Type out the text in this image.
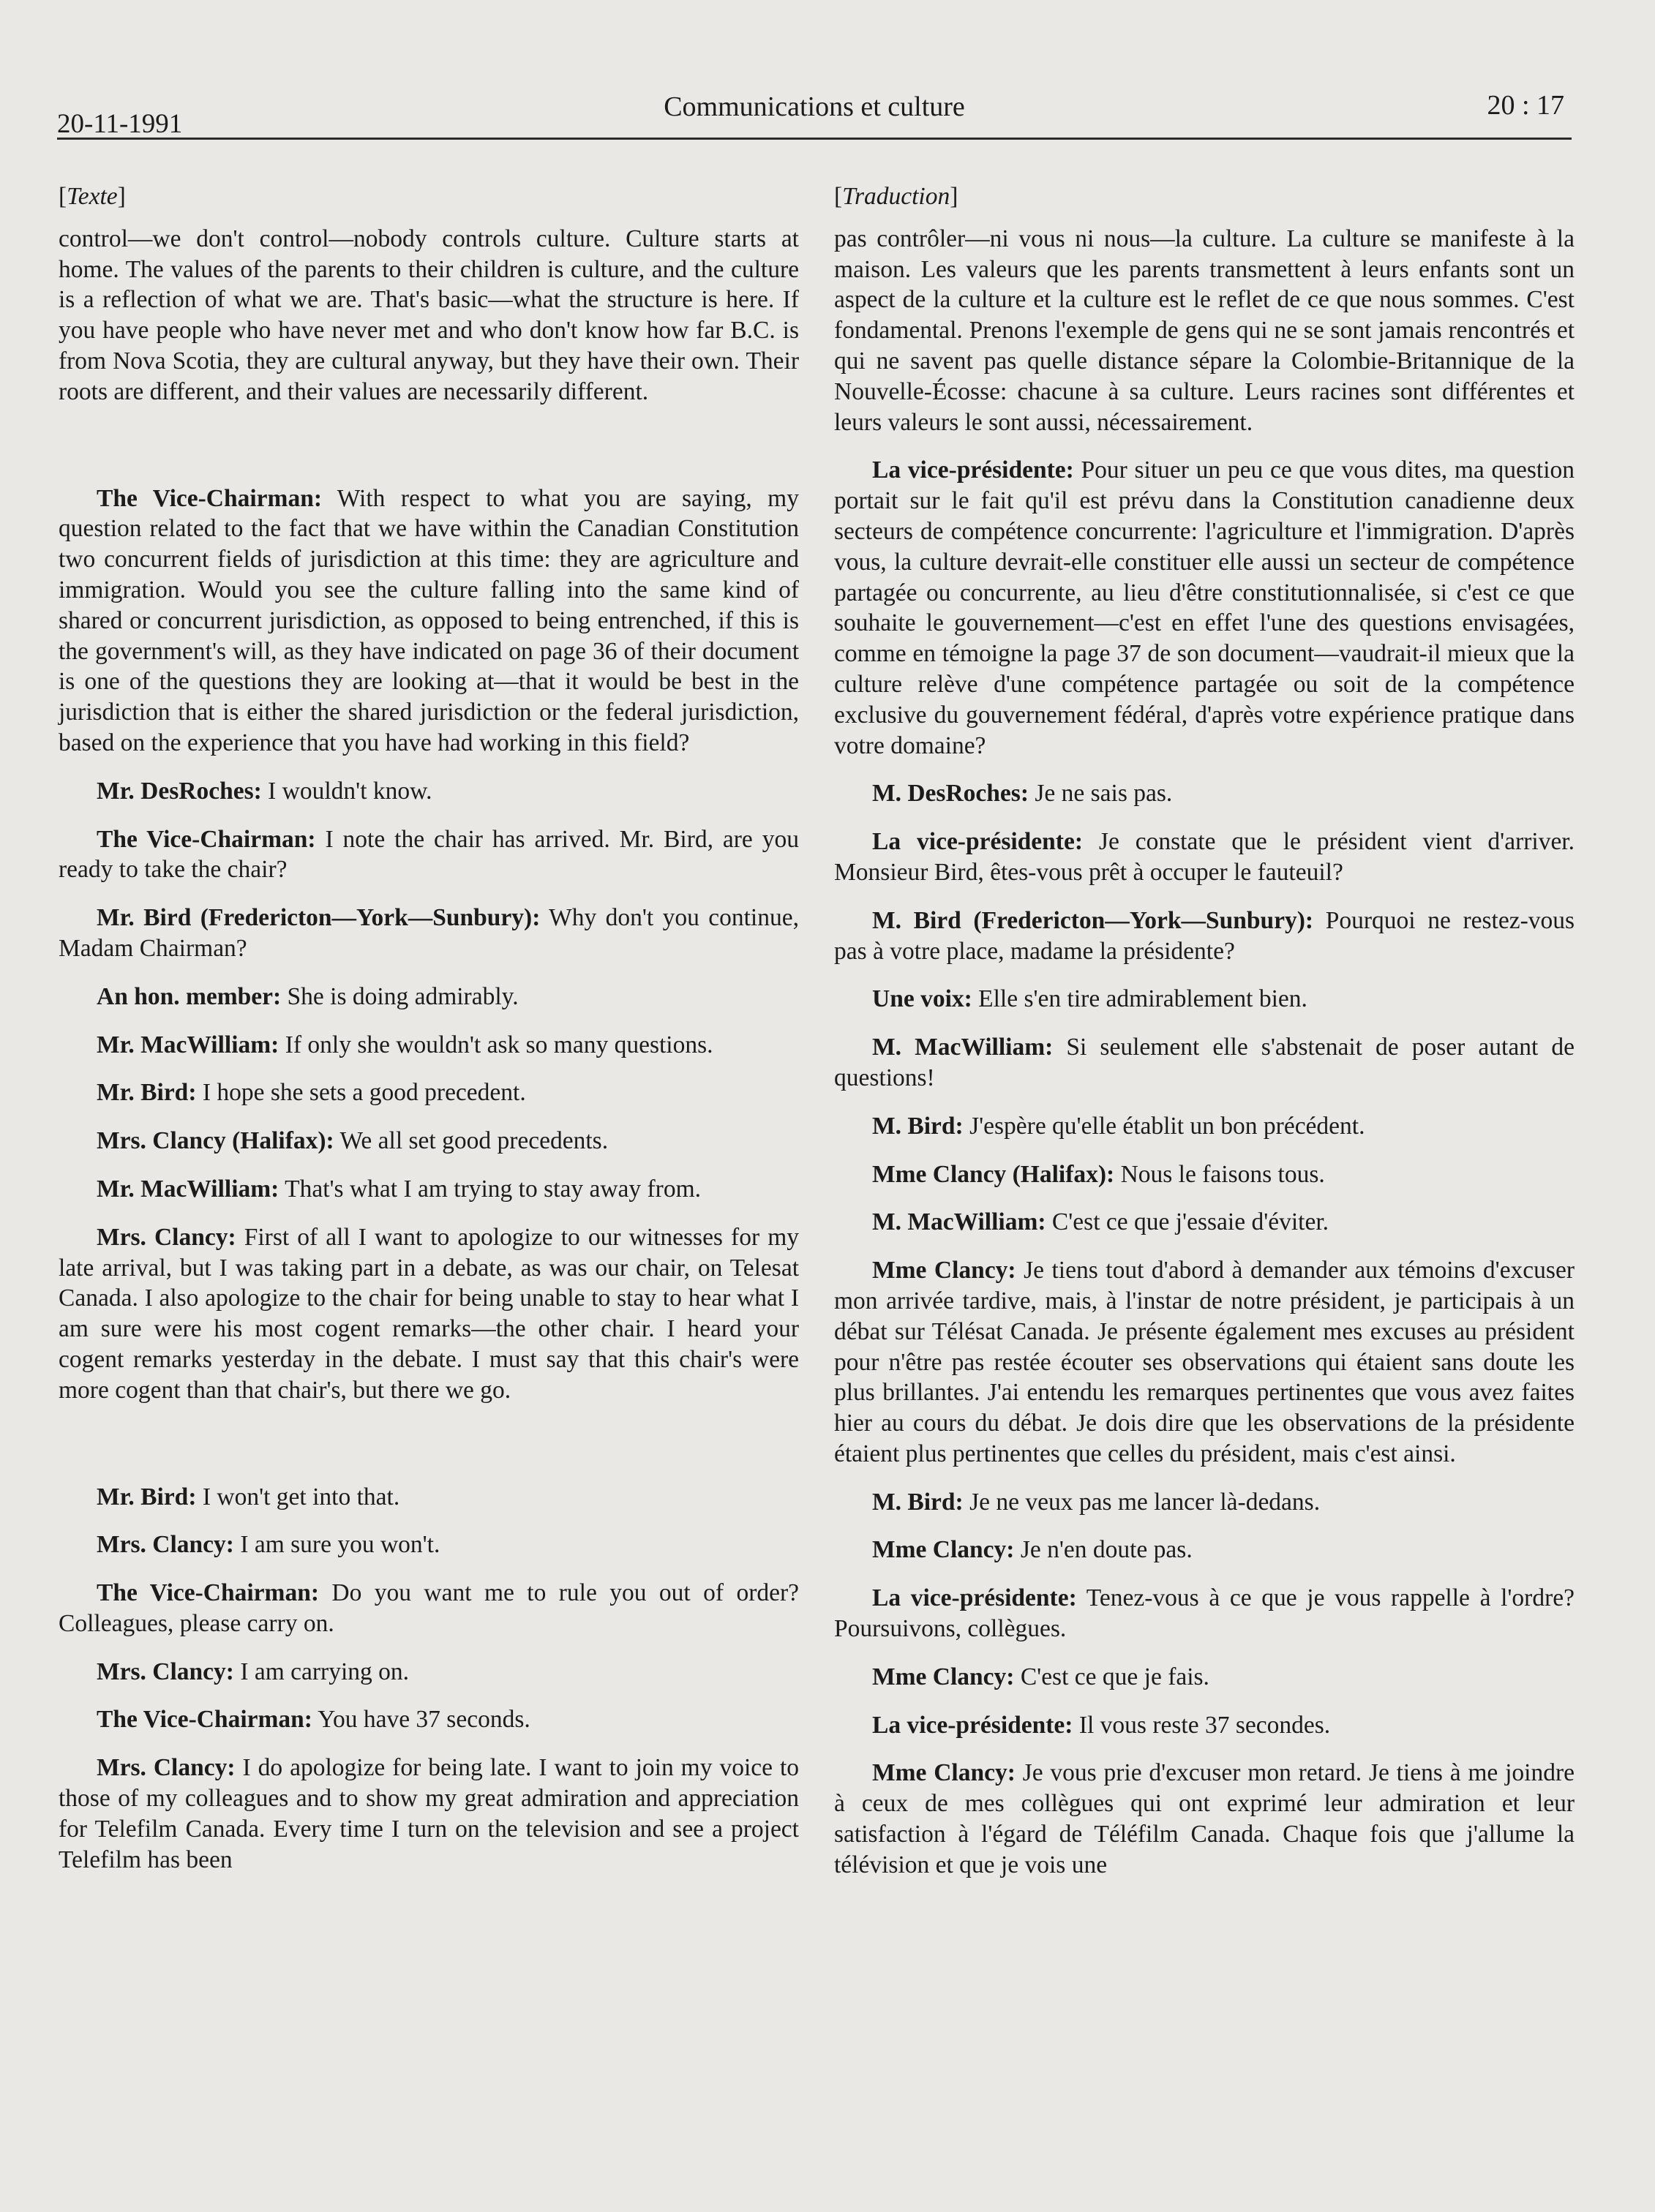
20-11-1991
Communications et culture	20 : 17
[Texte]

control—we don't control—nobody controls culture. Culture starts at home. The values of the parents to their children is culture, and the culture is a reflection of what we are. That's basic—what the structure is here. If you have people who have never met and who don't know how far B.C. is from Nova Scotia, they are cultural anyway, but they have their own. Their roots are different, and their values are necessarily different.

The Vice-Chairman: With respect to what you are saying, my question related to the fact that we have within the Canadian Constitution two concurrent fields of jurisdiction at this time: they are agriculture and immigration. Would you see the culture falling into the same kind of shared or concurrent jurisdiction, as opposed to being entrenched, if this is the government's will, as they have indicated on page 36 of their document is one of the questions they are looking at—that it would be best in the jurisdiction that is either the shared jurisdiction or the federal jurisdiction, based on the experience that you have had working in this field?

Mr. DesRoches: I wouldn't know.

The Vice-Chairman: I note the chair has arrived. Mr. Bird, are you ready to take the chair?

Mr. Bird (Fredericton—York—Sunbury): Why don't you continue, Madam Chairman?

An hon. member: She is doing admirably.

Mr. MacWilliam: If only she wouldn't ask so many questions.

Mr. Bird: I hope she sets a good precedent.

Mrs. Clancy (Halifax): We all set good precedents.

Mr. MacWilliam: That's what I am trying to stay away from.

Mrs. Clancy: First of all I want to apologize to our witnesses for my late arrival, but I was taking part in a debate, as was our chair, on Telesat Canada. I also apologize to the chair for being unable to stay to hear what I am sure were his most cogent remarks—the other chair. I heard your cogent remarks yesterday in the debate. I must say that this chair's were more cogent than that chair's, but there we go.

Mr. Bird: I won't get into that.

Mrs. Clancy: I am sure you won't.

The Vice-Chairman: Do you want me to rule you out of order? Colleagues, please carry on.

Mrs. Clancy: I am carrying on.

The Vice-Chairman: You have 37 seconds.

Mrs. Clancy: I do apologize for being late. I want to join my voice to those of my colleagues and to show my great admiration and appreciation for Telefilm Canada. Every time I turn on the television and see a project Telefilm has been

[Traduction]

pas contrôler—ni vous ni nous—la culture. La culture se manifeste à la maison. Les valeurs que les parents transmettent à leurs enfants sont un aspect de la culture et la culture est le reflet de ce que nous sommes. C'est fondamental. Prenons l'exemple de gens qui ne se sont jamais rencontrés et qui ne savent pas quelle distance sépare la Colombie-Britannique de la Nouvelle-Écosse: chacune à sa culture. Leurs racines sont différentes et leurs valeurs le sont aussi, nécessairement.

La vice-présidente: Pour situer un peu ce que vous dites, ma question portait sur le fait qu'il est prévu dans la Constitution canadienne deux secteurs de compétence concurrente: l'agriculture et l'immigration. D'après vous, la culture devrait-elle constituer elle aussi un secteur de compétence partagée ou concurrente, au lieu d'être constitutionnalisée, si c'est ce que souhaite le gouvernement—c'est en effet l'une des questions envisagées, comme en témoigne la page 37 de son document—vaudrait-il mieux que la culture relève d'une compétence partagée ou soit de la compétence exclusive du gouvernement fédéral, d'après votre expérience pratique dans votre domaine?

M. DesRoches: Je ne sais pas.

La vice-présidente: Je constate que le président vient d'arriver. Monsieur Bird, êtes-vous prêt à occuper le fauteuil?

M. Bird (Fredericton—York—Sunbury): Pourquoi ne restez-vous pas à votre place, madame la présidente?

Une voix: Elle s'en tire admirablement bien.

M. MacWilliam: Si seulement elle s'abstenait de poser autant de questions!

M. Bird: J'espère qu'elle établit un bon précédent.

Mme Clancy (Halifax): Nous le faisons tous.

M. MacWilliam: C'est ce que j'essaie d'éviter.

Mme Clancy: Je tiens tout d'abord à demander aux témoins d'excuser mon arrivée tardive, mais, à l'instar de notre président, je participais à un débat sur Télésat Canada. Je présente également mes excuses au président pour n'être pas restée écouter ses observations qui étaient sans doute les plus brillantes. J'ai entendu les remarques pertinentes que vous avez faites hier au cours du débat. Je dois dire que les observations de la présidente étaient plus pertinentes que celles du président, mais c'est ainsi.

M. Bird: Je ne veux pas me lancer là-dedans.

Mme Clancy: Je n'en doute pas.

La vice-présidente: Tenez-vous à ce que je vous rappelle à l'ordre? Poursuivons, collègues.

Mme Clancy: C'est ce que je fais.

La vice-présidente: Il vous reste 37 secondes.

Mme Clancy: Je vous prie d'excuser mon retard. Je tiens à me joindre à ceux de mes collègues qui ont exprimé leur admiration et leur satisfaction à l'égard de Téléfilm Canada. Chaque fois que j'allume la télévision et que je vois une
